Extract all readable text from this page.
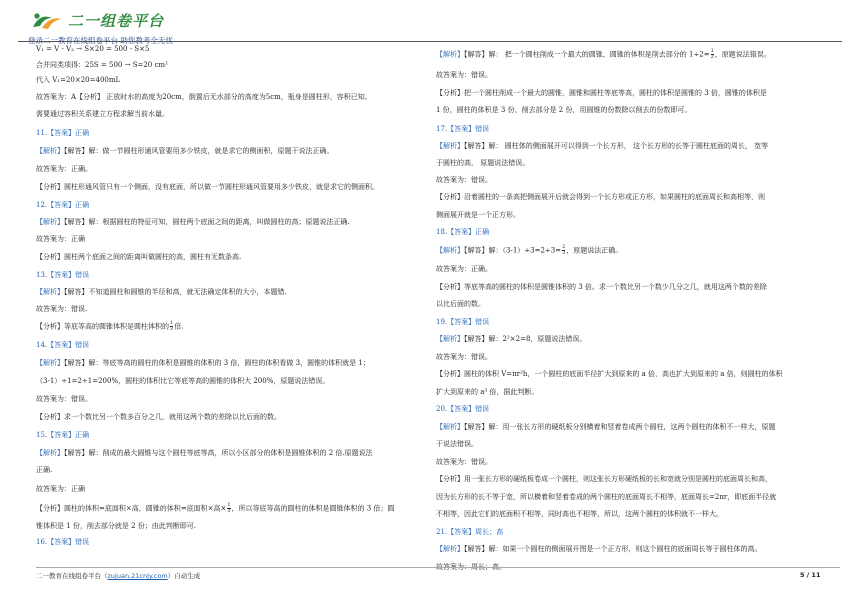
二一组卷平台
登录二一教育在线组卷平台 助您教考全无忧
V₁ = V - V₂ → S×20 = 500 - S×5
合并同类项得：25S = 500 → S=20 cm²
代入 V₁=20×20=400mL
故答案为：A【分析】 正放时水的高度为20cm，倒置后无水部分的高度为5cm，瓶身是圆柱形，容积已知。
需要通过容积关系建立方程求解当前水量。
11.【答案】正确
【解析】【解答】解：做一节圆柱形通风管要用多少铁皮，就是求它的侧面积，原题干说法正确。
故答案为：正确。
【分析】圆柱形通风管只有一个侧面，没有底面，所以做一节圆柱形通风管要用多少铁皮，就是求它的侧面积。
12.【答案】正确
【解析】【解答】解：根据圆柱的特征可知，圆柱两个底面之间的距离，叫做圆柱的高；原题说法正确.
故答案为：正确
【分析】圆柱两个底面之间的距离叫做圆柱的高，圆柱有无数条高.
13.【答案】错误
【解析】【解答】不知道圆柱和圆锥的半径和高，就无法确定体积的大小，本题错.
故答案为：错误.
【分析】等底等高的圆锥体积是圆柱体积的 $\frac{1}{3}$ 倍.
14.【答案】错误
【解析】【解答】解：等底等高的圆柱的体积是圆锥的体积的 3 倍，圆柱的体积看做 3，圆锥的体积就是 1；
（3-1）÷1=2÷1=200%，圆柱的体积比它等底等高的圆锥的体积大 200%，原题说法错误。
故答案为：错误。
【分析】求一个数比另一个数多百分之几，就用这两个数的差除以比后面的数。
15.【答案】正确
【解析】【解答】解：削成的最大圆锥与这个圆柱等底等高，所以小区部分的体积是圆锥体积的 2 倍.原题说法
正确.
故答案为：正确
【分析】圆柱的体积=底面积×高，圆锥的体积=底面积×高× $\frac{1}{3}$ ，所以等底等高的圆柱的体积是圆锥体积的 3 倍；圆
锥体积是 1 份，削去部分就是 2 份；由此判断即可.
16.【答案】错误
【解析】【解答】解： 把一个圆柱削成一个最大的圆锥，圆锥的体积是削去部分的 $1\div 2= \frac{1}{2}$ ，原题说法错误。
故答案为：错误。
【分析】把一个圆柱削成一个最大的圆锥，圆锥和圆柱等底等高，圆柱的体积是圆锥的 3 倍，圆锥的体积是
1 份，圆柱的体积是 3 份，削去部分是 2 份，用圆锥的份数除以削去的份数即可。
17.【答案】错误
【解析】【解答】解： 圆柱体的侧面展开可以得到一个长方形， 这个长方形的长等于圆柱底面的周长， 宽等
于圆柱的高， 原题说法错误。
故答案为：错误。
【分析】沿着圆柱的一条高把侧面展开后就会得到一个长方形或正方形，如果圆柱的底面周长和高相等，则
侧面展开就是一个正方形。
18.【答案】正确
【解析】【解答】解：$(3-1)\div 3=2\div 3= \frac{2}{3}$ ，原题说法正确。
故答案为：正确。
【分析】等底等高的圆柱的体积是圆锥体积的 3 倍。求一个数比另一个数少几分之几，就用这两个数的差除
以比后面的数。
19.【答案】错误
【解析】【解答】解：2²×2=8，原题说法错误。
故答案为：错误。
【分析】圆柱的体积 V=πr²h，一个圆柱的底面半径扩大到原来的 a 倍，高也扩大到原来的 a 倍，则圆柱的体积
扩大到原来的 a³ 倍，据此判断。
20.【答案】错误
【解析】【解答】解：用一张长方形的硬纸板分别横着和竖着卷成两个圆柱，这两个圆柱的体积不一样大，原题
干说法错误。
故答案为：错误。
【分析】用一张长方形的硬纸板卷成一个圆柱，则这张长方形硬纸板的长和宽就分别是圆柱的底面周长和高，
因为长方形的长不等于宽，所以横着和竖着卷成的两个圆柱的底面周长不相等，底面周长=2πr，即底面半径就
不相等，因此它们的底面积不相等，同时高也不相等，所以，这两个圆柱的体积就不一样大。
21.【答案】周长；高
【解析】【解答】解：如果一个圆柱的侧面展开图是一个正方形，则这个圆柱的底面周长等于圆柱体的高。
故答案为：周长；高。
二一教育在线组卷平台（zujuan.21cnjy.com）自动生成	5 / 11
